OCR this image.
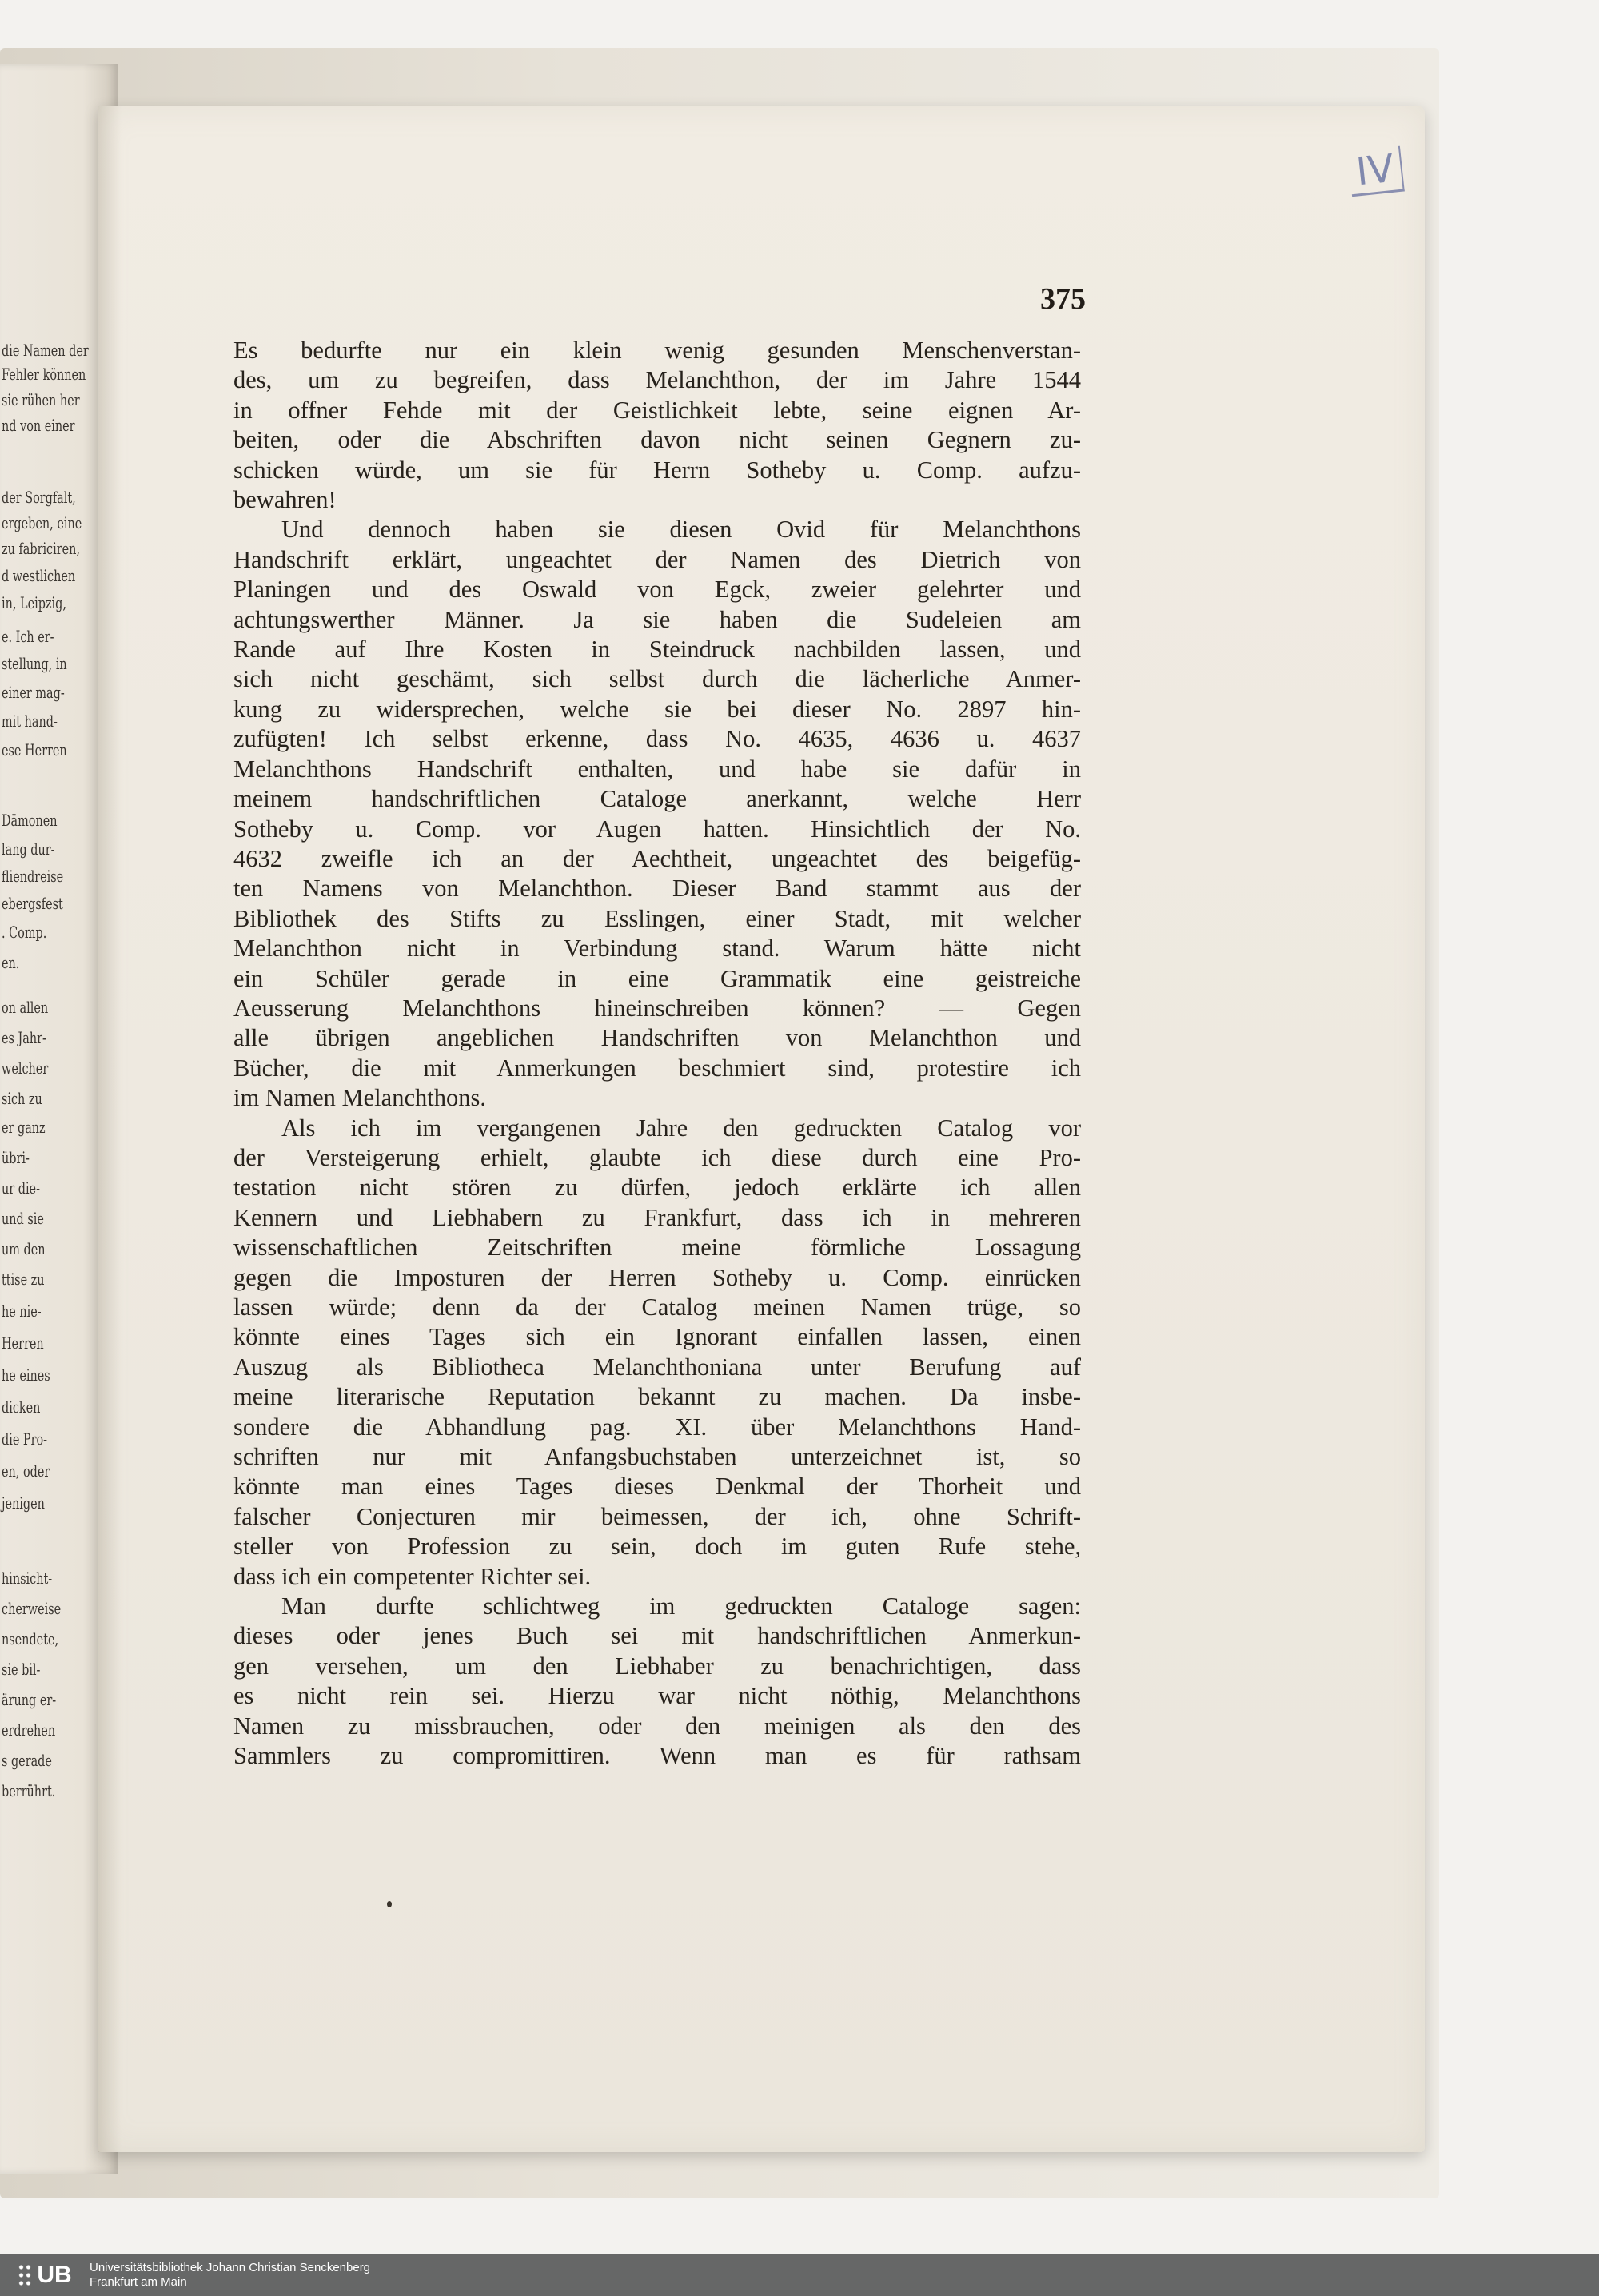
die Namen der
Fehler können
sie rühen her
nd von einer
der Sorgfalt,
ergeben, eine
zu fabriciren,
d westlichen
in, Leipzig,
e. Ich er-
stellung, in
einer mag-
mit hand-
ese Herren
Dämonen
lang dur-
fliendreise
ebergsfest
. Comp.
en.
on allen
es Jahr-
welcher
sich zu
er ganz
übri-
ur die-
und sie
um den
ttise zu
he nie-
Herren
he eines
dicken
die Pro-
en, oder
jenigen
hinsicht-
cherweise
nsendete,
sie bil-
ärung er-
erdrehen
s gerade
berrührt.
IV
375
Es bedurfte nur ein klein wenig gesunden Menschenverstan-
des, um zu begreifen, dass Melanchthon, der im Jahre 1544
in offner Fehde mit der Geistlichkeit lebte, seine eignen Ar-
beiten, oder die Abschriften davon nicht seinen Gegnern zu-
schicken würde, um sie für Herrn Sotheby u. Comp. aufzu-
bewahren!
Und dennoch haben sie diesen Ovid für Melanchthons
Handschrift erklärt, ungeachtet der Namen des Dietrich von
Planingen und des Oswald von Egck, zweier gelehrter und
achtungswerther Männer. Ja sie haben die Sudeleien am
Rande auf Ihre Kosten in Steindruck nachbilden lassen, und
sich nicht geschämt, sich selbst durch die lächerliche Anmer-
kung zu widersprechen, welche sie bei dieser No. 2897 hin-
zufügten! Ich selbst erkenne, dass No. 4635, 4636 u. 4637
Melanchthons Handschrift enthalten, und habe sie dafür in
meinem handschriftlichen Cataloge anerkannt, welche Herr
Sotheby u. Comp. vor Augen hatten. Hinsichtlich der No.
4632 zweifle ich an der Aechtheit, ungeachtet des beigefüg-
ten Namens von Melanchthon. Dieser Band stammt aus der
Bibliothek des Stifts zu Esslingen, einer Stadt, mit welcher
Melanchthon nicht in Verbindung stand. Warum hätte nicht
ein Schüler gerade in eine Grammatik eine geistreiche
Aeusserung Melanchthons hineinschreiben können? — Gegen
alle übrigen angeblichen Handschriften von Melanchthon und
Bücher, die mit Anmerkungen beschmiert sind, protestire ich
im Namen Melanchthons.
Als ich im vergangenen Jahre den gedruckten Catalog vor
der Versteigerung erhielt, glaubte ich diese durch eine Pro-
testation nicht stören zu dürfen, jedoch erklärte ich allen
Kennern und Liebhabern zu Frankfurt, dass ich in mehreren
wissenschaftlichen Zeitschriften meine förmliche Lossagung
gegen die Imposturen der Herren Sotheby u. Comp. einrücken
lassen würde; denn da der Catalog meinen Namen trüge, so
könnte eines Tages sich ein Ignorant einfallen lassen, einen
Auszug als Bibliotheca Melanchthoniana unter Berufung auf
meine literarische Reputation bekannt zu machen. Da insbe-
sondere die Abhandlung pag. XI. über Melanchthons Hand-
schriften nur mit Anfangsbuchstaben unterzeichnet ist, so
könnte man eines Tages dieses Denkmal der Thorheit und
falscher Conjecturen mir beimessen, der ich, ohne Schrift-
steller von Profession zu sein, doch im guten Rufe stehe,
dass ich ein competenter Richter sei.
Man durfte schlichtweg im gedruckten Cataloge sagen:
dieses oder jenes Buch sei mit handschriftlichen Anmerkun-
gen versehen, um den Liebhaber zu benachrichtigen, dass
es nicht rein sei. Hierzu war nicht nöthig, Melanchthons
Namen zu missbrauchen, oder den meinigen als den des
Sammlers zu compromittiren. Wenn man es für rathsam
UB Universitätsbibliothek Johann Christian Senckenberg
Frankfurt am Main
